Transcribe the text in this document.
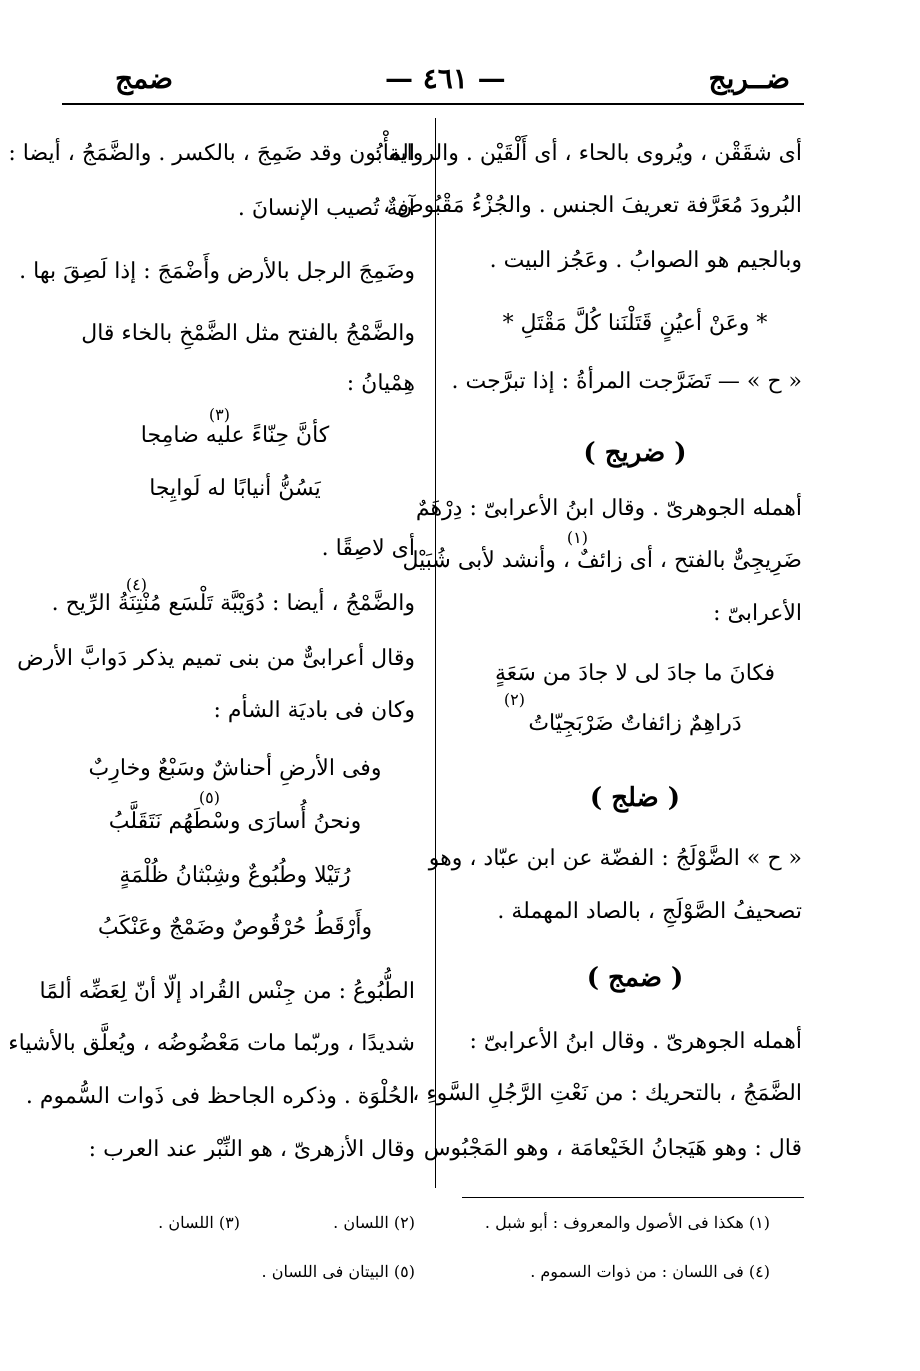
ضــريج
— ٤٦١ —
ضمج
أى شقَقْن ، ويُروى بالحاء ، أى أَلْقَيْن . والرواية :
البُرودَ مُعَرَّفة تعريفَ الجنس . والجُزْءُ مَقْبُوض ،
وبالجيم هو الصوابُ . وعَجُز البيت .
* وعَنْ أعيُنٍ قَتَلْنَنا كُلَّ مَقْتَلِ *
« ح » — تَضَرَّجت المرأةُ : إذا تبرَّجت .
( ضريج )
أهمله الجوهرىّ . وقال ابنُ الأعرابىّ : دِرْهَمٌ
ضَرِيجِىٌّ بالفتح ، أى زائفٌ ، وأنشد لأبى شُبَيْل
(١)
الأعرابىّ :
فكانَ ما جادَ لى لا جادَ من سَعَةٍ
دَراهِمٌ زائفاتٌ ضَرْبَجِيّاتُ
(٢)
( ضلج )
« ح » الضَّوْلَجُ : الفضّة عن ابن عبّاد ، وهو
تصحيفُ الصَّوْلَجِ ، بالصاد المهملة .
( ضمج )
أهمله الجوهرىّ . وقال ابنُ الأعرابىّ :
الضَّمَجُ ، بالتحريك : من نَعْتِ الرَّجُلِ السَّوءِ ،
قال : وهو هَيَجانُ الخَيْعامَة ، وهو المَجْبُوس
المأْبُون وقد ضَمِجَ ، بالكسر . والضَّمَجُ ، أيضا :
آفةٌ تُصيب الإنسانَ .
وضَمِجَ الرجل بالأرض وأَضْمَجَ : إذا لَصِقَ بها .
والضَّمْجُ بالفتح مثل الضَّمْخِ بالخاء قال
هِمْيانُ :
(٣)
كأنَّ حِنّاءً عليه ضامِجا
يَسُنُّ أنيابًا له لَوايِجا
أى لاصِقًا .
(٤)
والضَّمْجُ ، أيضا : دُوَيْبَّة تَلْسَع مُنْتِنَةُ الرِّيح .
وقال أعرابىٌّ من بنى تميم يذكر دَوابَّ الأرض
وكان فى باديَة الشأم :
وفى الأرضِ أحناشٌ وسَبْعٌ وخارِبٌ
(٥)
ونحنُ أُسارَى وسْطَهُم نَتَقَلَّبُ
رُتَيْلا وطُبُوعٌ وشِبْثانُ ظُلْمَةٍ
وأَرْقَطُ حُرْقُوصٌ وضَمْجٌ وعَنْكَبُ
الطُّبُوعُ : من جِنْس القُراد إلّا أنّ لِعَضِّه ألمًا
شديدًا ، وربّما مات مَعْضُوضُه ، ويُعلَّق بالأشياء
الحُلْوَة . وذكره الجاحظ فى ذَوات السُّموم .
وقال الأزهرىّ ، هو النِّبْر عند العرب :
(١) هكذا فى الأصول والمعروف : أبو شبل .
(٤) فى اللسان : من ذوات السموم .
(٢) اللسان .
(٣) اللسان .
(٥) البيتان فى اللسان .
